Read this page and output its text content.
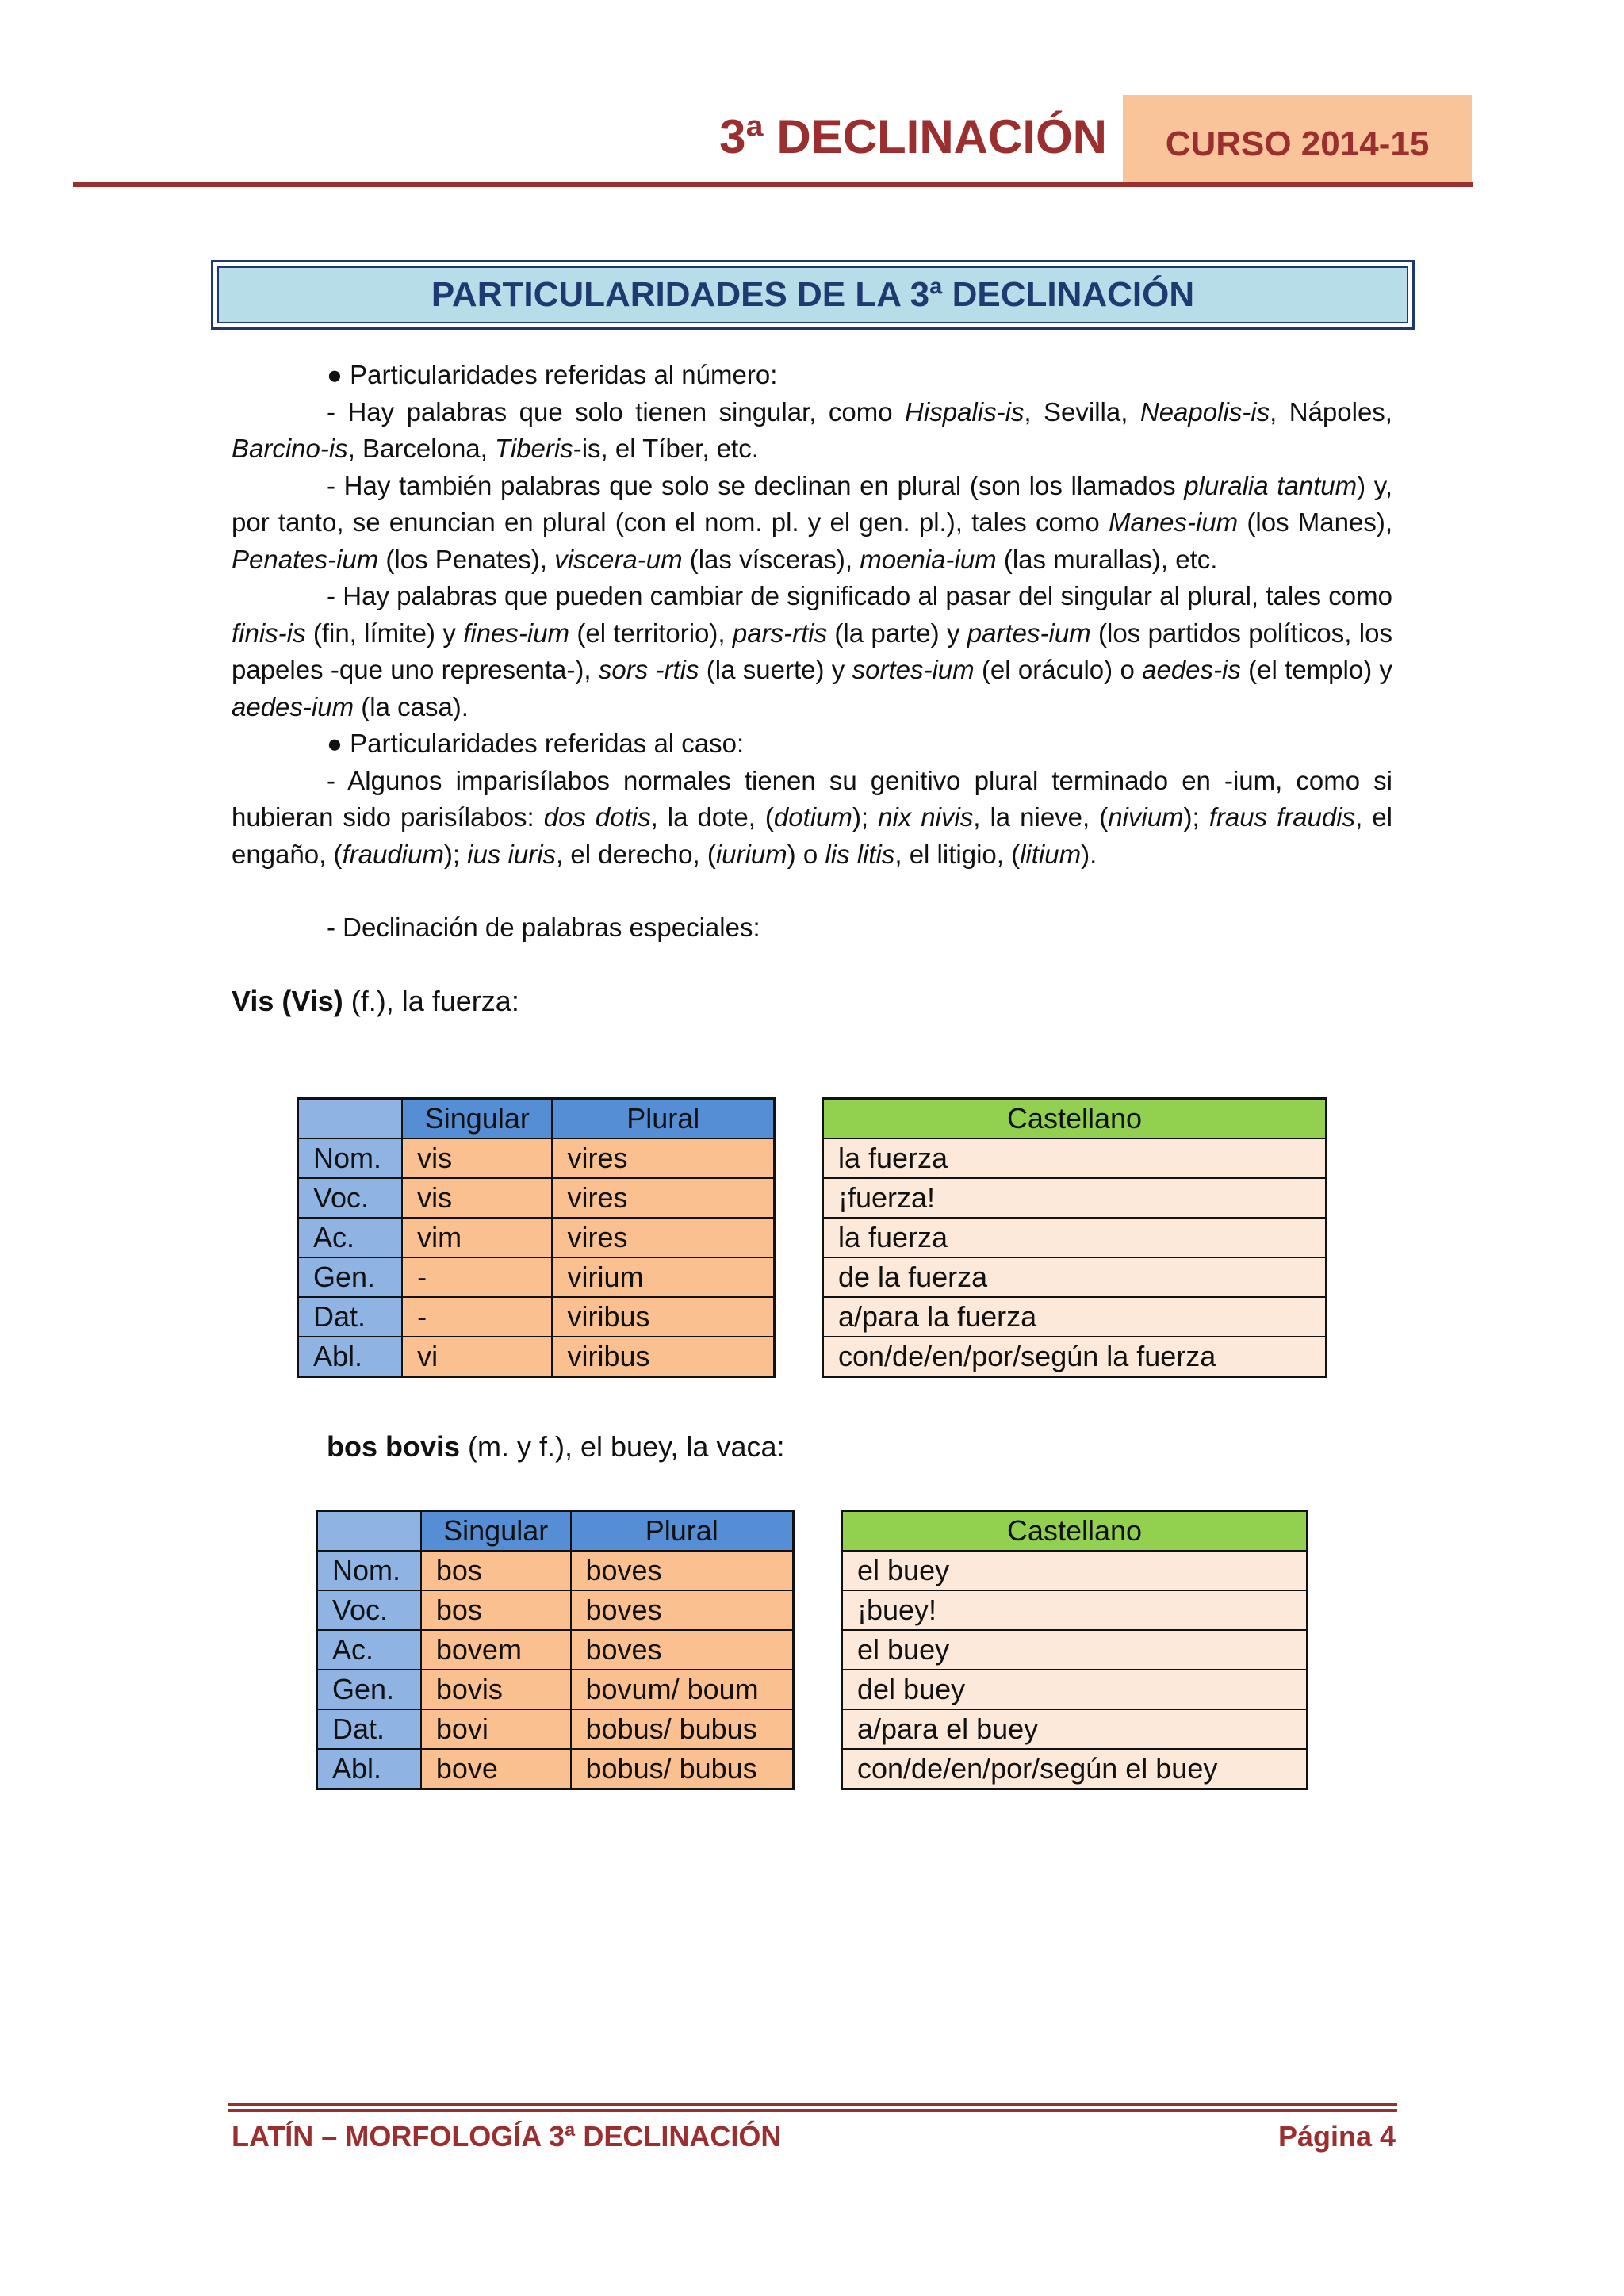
3ª DECLINACIÓN	CURSO 2014-15
PARTICULARIDADES DE LA 3ª DECLINACIÓN

● Particularidades referidas al número:

- Hay palabras que solo tienen singular, como Hispalis-is, Sevilla, Neapolis-is, Nápoles, Barcino-is, Barcelona, Tiberis-is, el Tíber, etc.

- Hay también palabras que solo se declinan en plural (son los llamados pluralia tantum) y, por tanto, se enuncian en plural (con el nom. pl. y el gen. pl.), tales como Manes-ium (los Manes), Penates-ium (los Penates), viscera-um (las vísceras), moenia-ium (las murallas), etc.

- Hay palabras que pueden cambiar de significado al pasar del singular al plural, tales como finis-is (fin, límite) y fines-ium (el territorio), pars-rtis (la parte) y partes-ium (los partidos políticos, los papeles -que uno representa-), sors -rtis (la suerte) y sortes-ium (el oráculo) o aedes-is (el templo) y aedes-ium (la casa).

● Particularidades referidas al caso:

- Algunos imparisílabos normales tienen su genitivo plural terminado en -ium, como si hubieran sido parisílabos: dos dotis, la dote, (dotium); nix nivis, la nieve, (nivium); fraus fraudis, el engaño, (fraudium); ius iuris, el derecho, (iurium) o lis litis, el litigio, (litium).

- Declinación de palabras especiales:

Vis (Vis) (f.), la fuerza:

	Singular	Plural
Nom.	vis	vires
Voc.	vis	vires
Ac.	vim	vires
Gen.	-	virium
Dat.	-	viribus
Abl.	vi	viribus
Castellano
la fuerza
¡fuerza!
la fuerza
de la fuerza
a/para la fuerza
con/de/en/por/según la fuerza
bos bovis (m. y f.), el buey, la vaca:
	Singular	Plural
Nom.	bos	boves
Voc.	bos	boves
Ac.	bovem	boves
Gen.	bovis	bovum/ boum
Dat.	bovi	bobus/ bubus
Abl.	bove	bobus/ bubus
Castellano
el buey
¡buey!
el buey
del buey
a/para el buey
con/de/en/por/según el buey
LATÍN – MORFOLOGÍA 3ª DECLINACIÓN	Página 4
